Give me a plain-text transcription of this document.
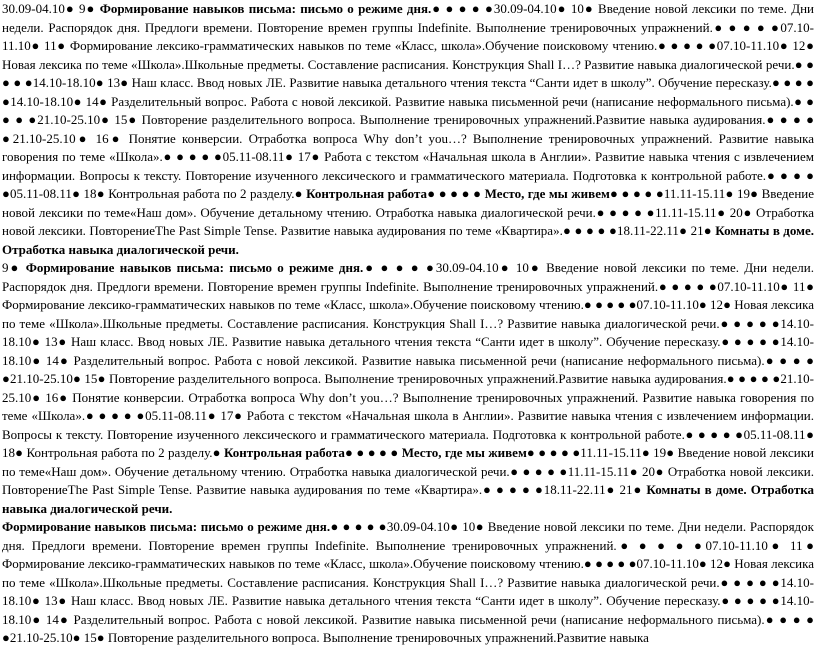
30.09-04.10● 9● Формирование навыков письма: письмо о режиме дня.● ● ● ● ●30.09-04.10● 10● Введение новой лексики по теме. Дни недели. Распорядок дня. Предлоги времени. Повторение времен группы Indefinite. Выполнение тренировочных упражнений.● ● ● ● ●07.10-11.10● 11● Формирование лексико-грамматических навыков по теме «Класс, школа».Обучение поисковому чтению.● ● ● ● ●07.10-11.10● 12● Новая лексика по теме «Школа».Школьные предметы. Составление расписания. Конструкция Shall I…? Развитие навыка диалогической речи.● ● ● ● ●14.10-18.10● 13● Наш класс. Ввод новых ЛЕ. Развитие навыка детального чтения текста “Санти идет в школу”. Обучение пересказу.● ● ● ● ●14.10-18.10● 14● Разделительный вопрос. Работа с новой лексикой. Развитие навыка письменной речи (написание неформального письма).● ● ● ● ●21.10-25.10● 15● Повторение разделительного вопроса. Выполнение тренировочных упражнений.Развитие навыка аудирования.● ● ● ● ●21.10-25.10● 16● Понятие конверсии. Отработка вопроса Why don’t you…? Выполнение тренировочных упражнений. Развитие навыка говорения по теме «Школа».● ● ● ● ●05.11-08.11● 17● Работа с текстом «Начальная школа в Англии». Развитие навыка чтения с извлечением информации. Вопросы к тексту. Повторение изученного лексического и грамматического материала. Подготовка к контрольной работе.● ● ● ● ●05.11-08.11● 18● Контрольная работа по 2 разделу.● Контрольная работа● ● ● ● ● Место, где мы живем● ● ● ● ●11.11-15.11● 19● Введение новой лексики по теме«Наш дом». Обучение детальному чтению. Отработка навыка диалогической речи.● ● ● ● ●11.11-15.11● 20● Отработка новой лексики. ПовторениеThe Past Simple Tense. Развитие навыка аудирования по теме «Квартира».● ● ● ● ●18.11-22.11● 21● Комнаты в доме. Отработка навыка диалогической речи.

9● Формирование навыков письма: письмо о режиме дня.● ● ● ● ●30.09-04.10● 10● Введение новой лексики по теме. Дни недели. Распорядок дня. Предлоги времени. Повторение времен группы Indefinite. Выполнение тренировочных упражнений.● ● ● ● ●07.10-11.10● 11● Формирование лексико-грамматических навыков по теме «Класс, школа».Обучение поисковому чтению.● ● ● ● ●07.10-11.10● 12● Новая лексика по теме «Школа».Школьные предметы. Составление расписания. Конструкция Shall I…? Развитие навыка диалогической речи.● ● ● ● ●14.10-18.10● 13● Наш класс. Ввод новых ЛЕ. Развитие навыка детального чтения текста “Санти идет в школу”. Обучение пересказу.● ● ● ● ●14.10-18.10● 14● Разделительный вопрос. Работа с новой лексикой. Развитие навыка письменной речи (написание неформального письма).● ● ● ● ●21.10-25.10● 15● Повторение разделительного вопроса. Выполнение тренировочных упражнений.Развитие навыка аудирования.● ● ● ● ●21.10-25.10● 16● Понятие конверсии. Отработка вопроса Why don’t you…? Выполнение тренировочных упражнений. Развитие навыка говорения по теме «Школа».● ● ● ● ●05.11-08.11● 17● Работа с текстом «Начальная школа в Англии». Развитие навыка чтения с извлечением информации. Вопросы к тексту. Повторение изученного лексического и грамматического материала. Подготовка к контрольной работе.● ● ● ● ●05.11-08.11● 18● Контрольная работа по 2 разделу.● Контрольная работа● ● ● ● ● Место, где мы живем● ● ● ● ●11.11-15.11● 19● Введение новой лексики по теме«Наш дом». Обучение детальному чтению. Отработка навыка диалогической речи.● ● ● ● ●11.11-15.11● 20● Отработка новой лексики. ПовторениеThe Past Simple Tense. Развитие навыка аудирования по теме «Квартира».● ● ● ● ●18.11-22.11● 21● Комнаты в доме. Отработка навыка диалогической речи.

Формирование навыков письма: письмо о режиме дня.● ● ● ● ●30.09-04.10● 10● Введение новой лексики по теме. Дни недели. Распорядок дня. Предлоги времени. Повторение времен группы Indefinite. Выполнение тренировочных упражнений.● ● ● ● ●07.10-11.10● 11● Формирование лексико-грамматических навыков по теме «Класс, школа».Обучение поисковому чтению.● ● ● ● ●07.10-11.10● 12● Новая лексика по теме «Школа».Школьные предметы. Составление расписания. Конструкция Shall I…? Развитие навыка диалогической речи.● ● ● ● ●14.10-18.10● 13● Наш класс. Ввод новых ЛЕ. Развитие навыка детального чтения текста “Санти идет в школу”. Обучение пересказу.● ● ● ● ●14.10-18.10● 14● Разделительный вопрос. Работа с новой лексикой. Развитие навыка письменной речи (написание неформального письма).● ● ● ● ●21.10-25.10● 15● Повторение разделительного вопроса. Выполнение тренировочных упражнений.Развитие навыка
